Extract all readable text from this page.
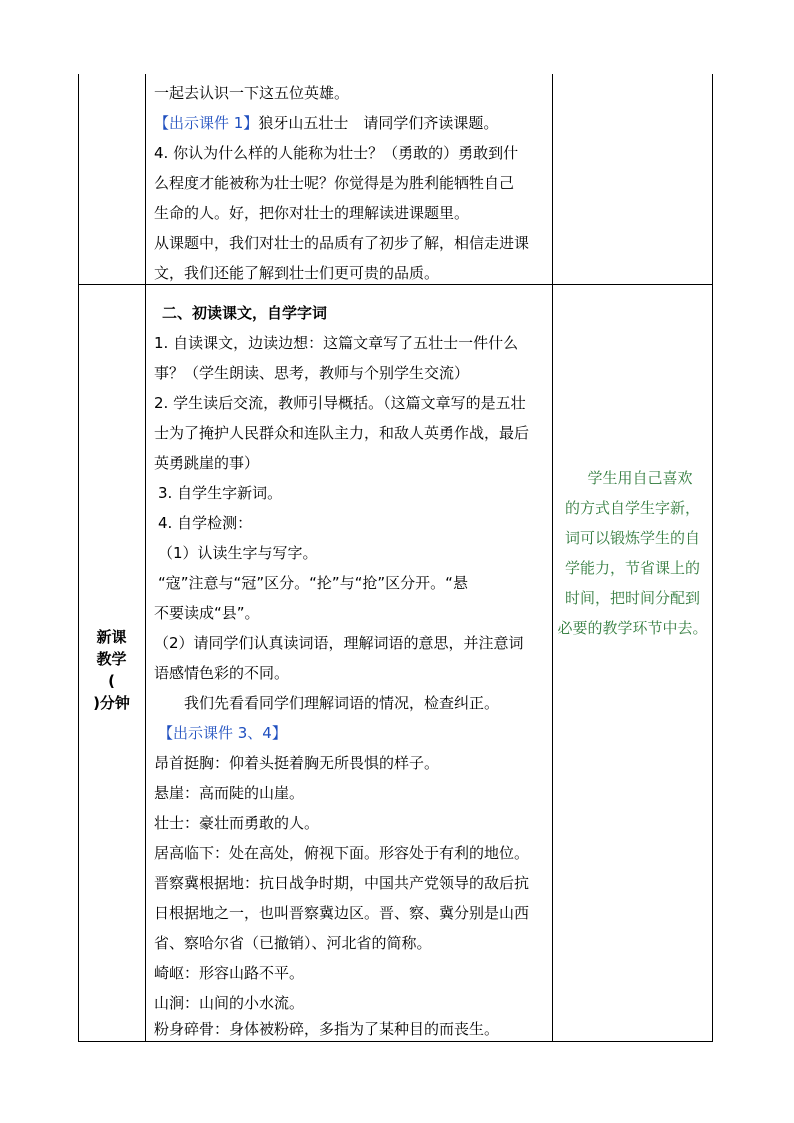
一起去认识一下这五位英雄。
【出示课件 1】狼牙山五壮士　请同学们齐读课题。
4. 你认为什么样的人能称为壮士？（勇敢的）勇敢到什
么程度才能被称为壮士呢？你觉得是为胜利能牺牲自己
生命的人。好，把你对壮士的理解读进课题里。
从课题中，我们对壮士的品质有了初步了解，相信走进课
文，我们还能了解到壮士们更可贵的品质。
新课
教学
(
)分钟
二、初读课文，自学字词
1. 自读课文，边读边想：这篇文章写了五壮士一件什么
事？（学生朗读、思考，教师与个别学生交流）
2. 学生读后交流，教师引导概括。（这篇文章写的是五壮
士为了掩护人民群众和连队主力，和敌人英勇作战，最后
英勇跳崖的事）
3. 自学生字新词。
4. 自学检测：
（1）认读生字与写字。
“寇”注意与“冠”区分。“抡”与“抢”区分开。“悬
不要读成“县”。
（2）请同学们认真读词语，理解词语的意思，并注意词
语感情色彩的不同。
　　我们先看看同学们理解词语的情况，检查纠正。
【出示课件 3、4】
昂首挺胸：仰着头挺着胸无所畏惧的样子。
悬崖：高而陡的山崖。
壮士：豪壮而勇敢的人。
居高临下：处在高处，俯视下面。形容处于有利的地位。
晋察冀根据地：抗日战争时期，中国共产党领导的敌后抗
日根据地之一，也叫晋察冀边区。晋、察、冀分别是山西
省、察哈尔省（已撤销）、河北省的简称。
崎岖：形容山路不平。
山涧：山间的小水流。
粉身碎骨：身体被粉碎，多指为了某种目的而丧生。
　学生用自己喜欢
的方式自学生字新，
词可以锻炼学生的自
学能力，节省课上的
时间，把时间分配到
必要的教学环节中去。
